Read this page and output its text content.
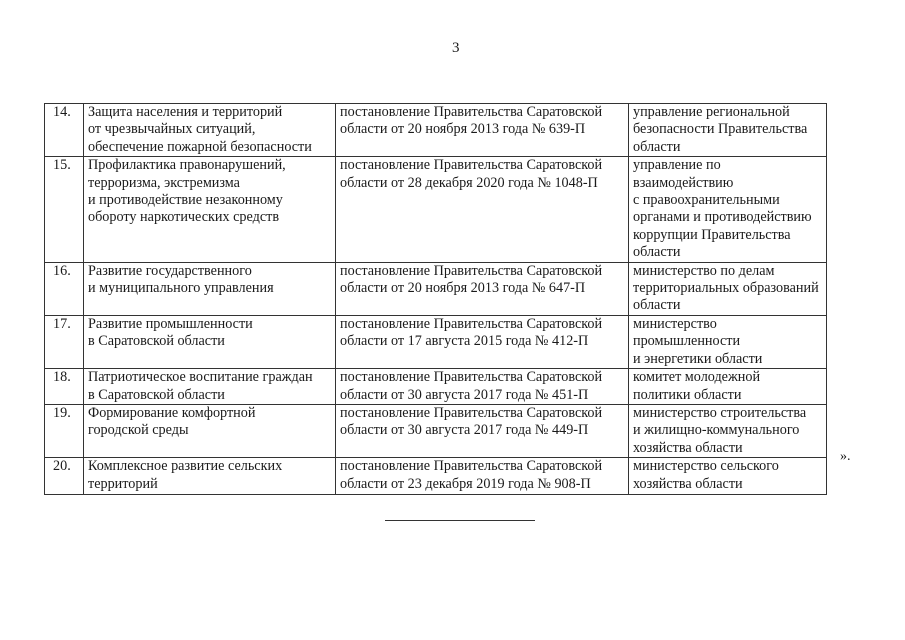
3
14.	Защита населения и территорий
от чрезвычайных ситуаций,
обеспечение пожарной безопасности	постановление Правительства Саратовской
области от 20 ноября 2013 года № 639-П	управление региональной
безопасности Правительства
области
15.	Профилактика правонарушений,
терроризма, экстремизма
и противодействие незаконному
обороту наркотических средств	постановление Правительства Саратовской
области от 28 декабря 2020 года № 1048-П	управление по взаимодействию
с правоохранительными
органами и противодействию
коррупции Правительства
области
16.	Развитие государственного
и муниципального управления	постановление Правительства Саратовской
области от 20 ноября 2013 года № 647-П	министерство по делам
территориальных образований
области
17.	Развитие промышленности
в Саратовской области	постановление Правительства Саратовской
области от 17 августа 2015 года № 412-П	министерство
промышленности
и энергетики области
18.	Патриотическое воспитание граждан
в Саратовской области	постановление Правительства Саратовской
области от 30 августа 2017 года № 451-П	комитет молодежной
политики области
19.	Формирование комфортной
городской среды	постановление Правительства Саратовской
области от 30 августа 2017 года № 449-П	министерство строительства
и жилищно-коммунального
хозяйства области
20.	Комплексное развитие сельских
территорий	постановление Правительства Саратовской
области от 23 декабря 2019 года № 908-П	министерство сельского
хозяйства области
».
